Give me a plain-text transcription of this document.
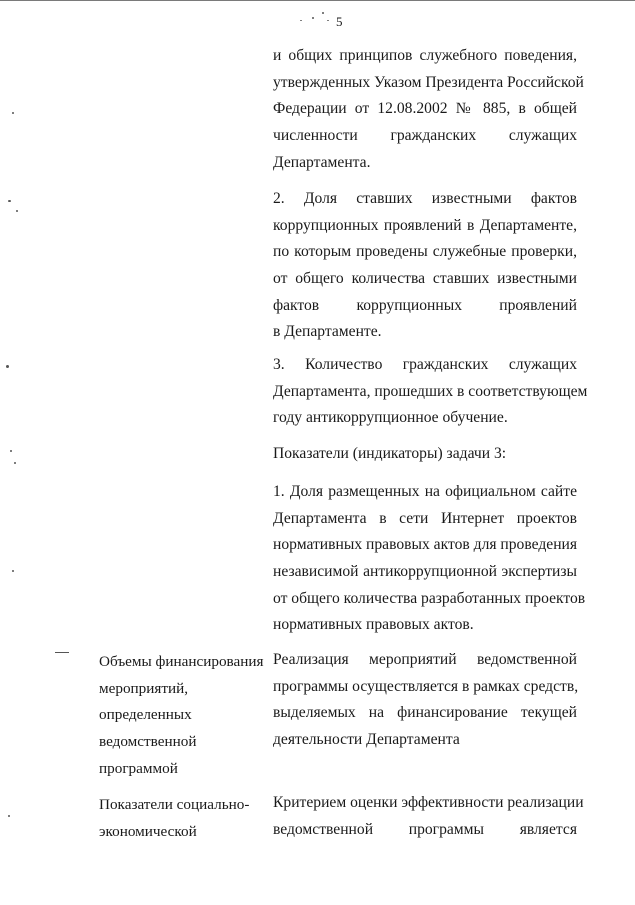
5
и общих принципов служебного поведения,
утвержденных Указом Президента Российской
Федерации от 12.08.2002 № 885, в общей
численности гражданских служащих
Департамента.
2. Доля ставших известными фактов
коррупционных проявлений в Департаменте,
по которым проведены служебные проверки,
от общего количества ставших известными
фактов коррупционных проявлений
в Департаменте.
3. Количество гражданских служащих
Департамента, прошедших в соответствующем
году антикоррупционное обучение.
Показатели (индикаторы) задачи 3:
1. Доля размещенных на официальном сайте
Департамента в сети Интернет проектов
нормативных правовых актов для проведения
независимой антикоррупционной экспертизы
от общего количества разработанных проектов
нормативных правовых актов.
Объемы финансирования
мероприятий,
определенных
ведомственной
программой
Реализация мероприятий ведомственной
программы осуществляется в рамках средств,
выделяемых на финансирование текущей
деятельности Департамента
Показатели социально-
экономической
Критерием оценки эффективности реализации
ведомственной программы является
